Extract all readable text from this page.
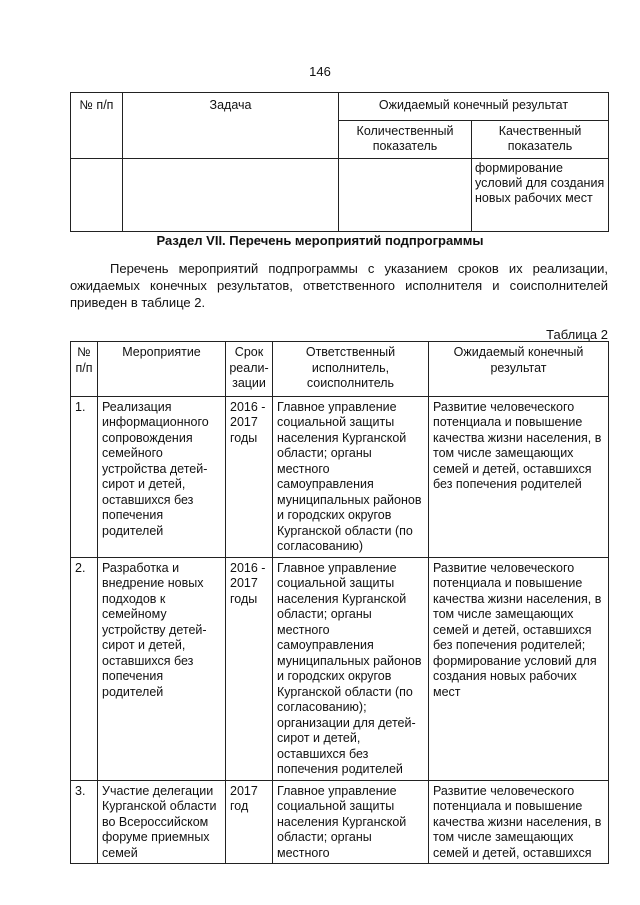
146
№ п/п	Задача	Ожидаемый конечный результат	
		Количественный показатель	Качественный показатель
			формирование условий для создания новых рабочих мест
Раздел VII. Перечень мероприятий подпрограммы
Перечень мероприятий подпрограммы с указанием сроков их реализации, ожидаемых конечных результатов, ответственного исполнителя и соисполнителей приведен в таблице 2.
Таблица 2
№ п/п	Мероприятие	Срок реали-зации	Ответственный исполнитель, соисполнитель	Ожидаемый конечный результат
1.	Реализация информационного сопровождения семейного устройства детей-сирот и детей, оставшихся без попечения родителей	2016 - 2017 годы	Главное управление социальной защиты населения Курганской области; органы местного самоуправления муниципальных районов и городских округов Курганской области (по согласованию)	Развитие человеческого потенциала и повышение качества жизни населения, в том числе замещающих семей и детей, оставшихся без попечения родителей
2.	Разработка и внедрение новых подходов к семейному устройству детей-сирот и детей, оставшихся без попечения родителей	2016 - 2017 годы	Главное управление социальной защиты населения Курганской области; органы местного самоуправления муниципальных районов и городских округов Курганской области (по согласованию); организации для детей-сирот и детей, оставшихся без попечения родителей	Развитие человеческого потенциала и повышение качества жизни населения, в том числе замещающих семей и детей, оставшихся без попечения родителей; формирование условий для создания новых рабочих мест
3.	Участие делегации Курганской области во Всероссийском форуме приемных семей	2017 год	Главное управление социальной защиты населения Курганской области; органы местного	Развитие человеческого потенциала и повышение качества жизни населения, в том числе замещающих семей и детей, оставшихся
